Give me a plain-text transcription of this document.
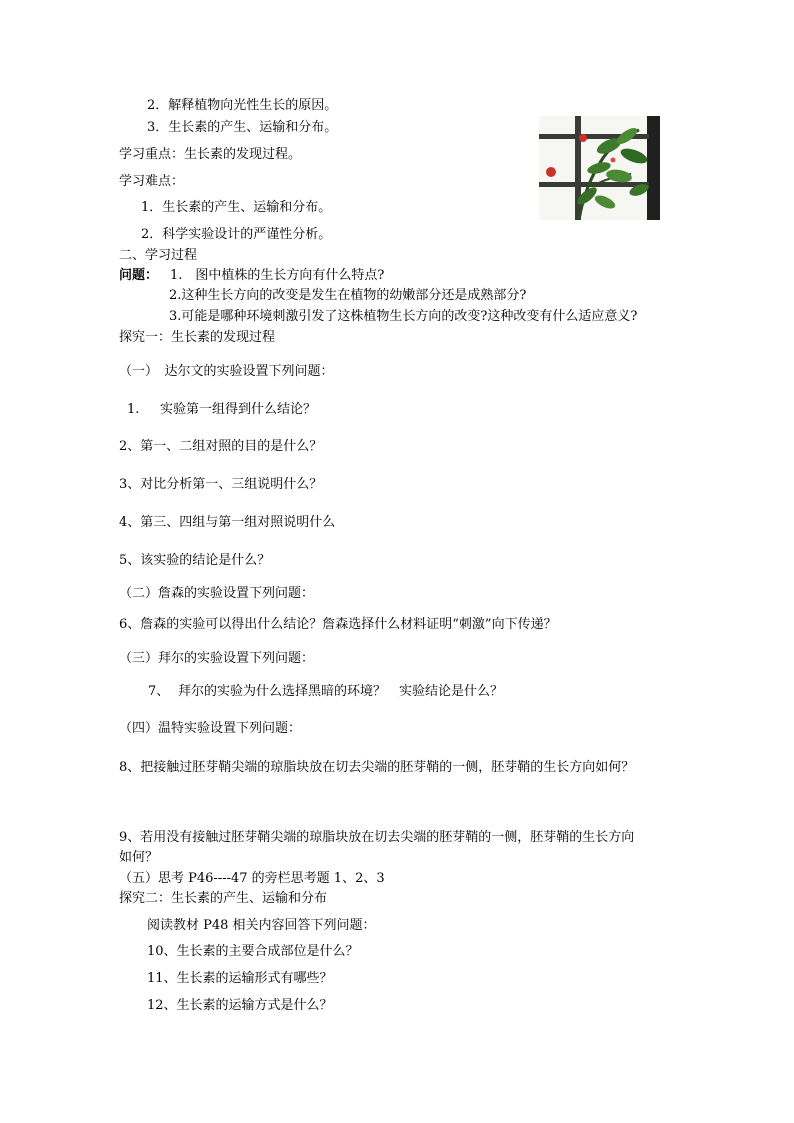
2．解释植物向光性生长的原因。
3．生长素的产生、运输和分布。
学习重点：生长素的发现过程。
学习难点：
1．生长素的产生、运输和分布。
2．科学实验设计的严谨性分析。
二、学习过程
问题： 1.　图中植株的生长方向有什么特点?
2.这种生长方向的改变是发生在植物的幼嫩部分还是成熟部分?
3.可能是哪种环境刺激引发了这株植物生长方向的改变?这种改变有什么适应意义?
探究一：生长素的发现过程
（一）　达尔文的实验设置下列问题：
1. 实验第一组得到什么结论？
2、第一、二组对照的目的是什么？
3、对比分析第一、三组说明什么？
4、第三、四组与第一组对照说明什么
5、该实验的结论是什么？
（二）詹森的实验设置下列问题：
6、詹森的实验可以得出什么结论？詹森选择什么材料证明“刺激”向下传递？
（三）拜尔的实验设置下列问题：
7、 拜尔的实验为什么选择黑暗的环境？　实验结论是什么？
（四）温特实验设置下列问题：
8、把接触过胚芽鞘尖端的琼脂块放在切去尖端的胚芽鞘的一侧，胚芽鞘的生长方向如何？
9、若用没有接触过胚芽鞘尖端的琼脂块放在切去尖端的胚芽鞘的一侧，胚芽鞘的生长方向
如何？
（五）思考 P46----47 的旁栏思考题 1、2、3
探究二：生长素的产生、运输和分布
阅读教材 P48 相关内容回答下列问题：
10、生长素的主要合成部位是什么？
11、生长素的运输形式有哪些？
12、生长素的运输方式是什么？
